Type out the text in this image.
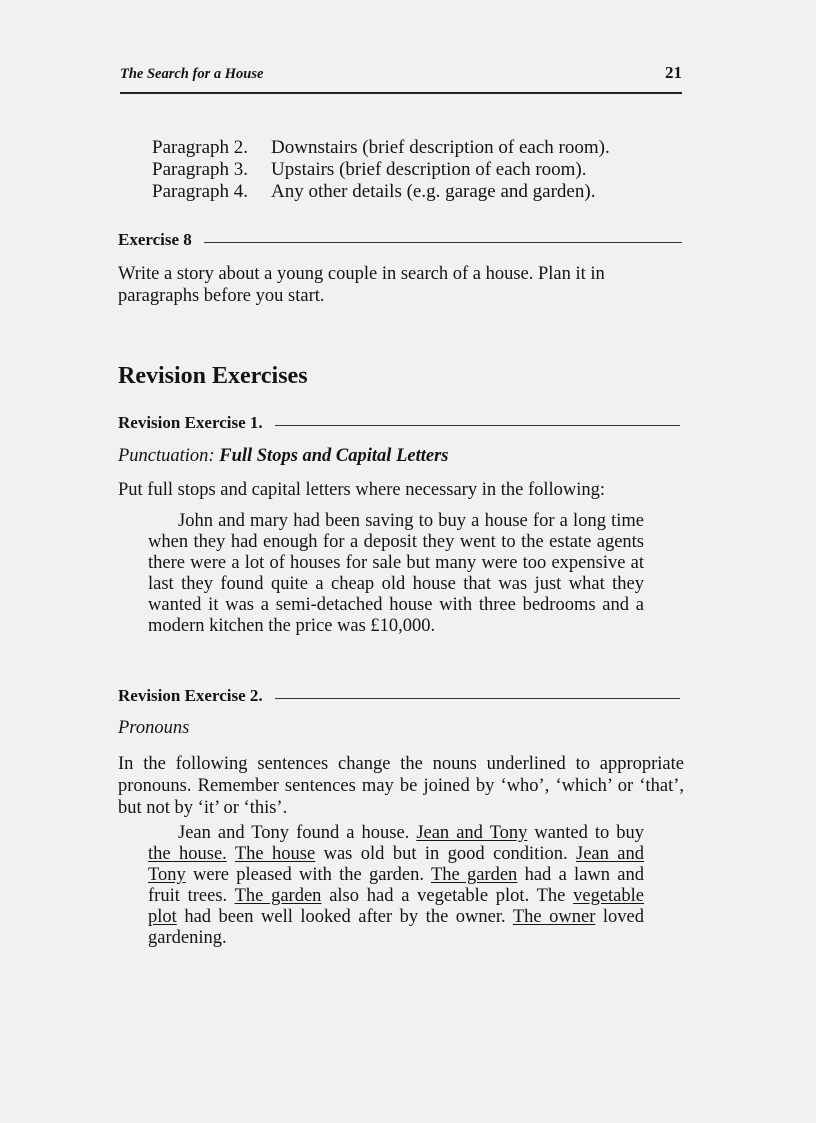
The Search for a House	21
Paragraph 2.	Downstairs (brief description of each room).
Paragraph 3.	Upstairs (brief description of each room).
Paragraph 4.	Any other details (e.g. garage and garden).
Exercise 8
Write a story about a young couple in search of a house. Plan it in paragraphs before you start.
Revision Exercises
Revision Exercise 1.
Punctuation: Full Stops and Capital Letters
Put full stops and capital letters where necessary in the following:
John and mary had been saving to buy a house for a long time when they had enough for a deposit they went to the estate agents there were a lot of houses for sale but many were too expensive at last they found quite a cheap old house that was just what they wanted it was a semi-detached house with three bedrooms and a modern kitchen the price was £10,000.
Revision Exercise 2.
Pronouns
In the following sentences change the nouns underlined to appropriate pronouns. Remember sentences may be joined by ‘who’, ‘which’ or ‘that’, but not by ‘it’ or ‘this’.
Jean and Tony found a house. Jean and Tony wanted to buy the house. The house was old but in good condition. Jean and Tony were pleased with the garden. The garden had a lawn and fruit trees. The garden also had a vegetable plot. The vegetable plot had been well looked after by the owner. The owner loved gardening.
